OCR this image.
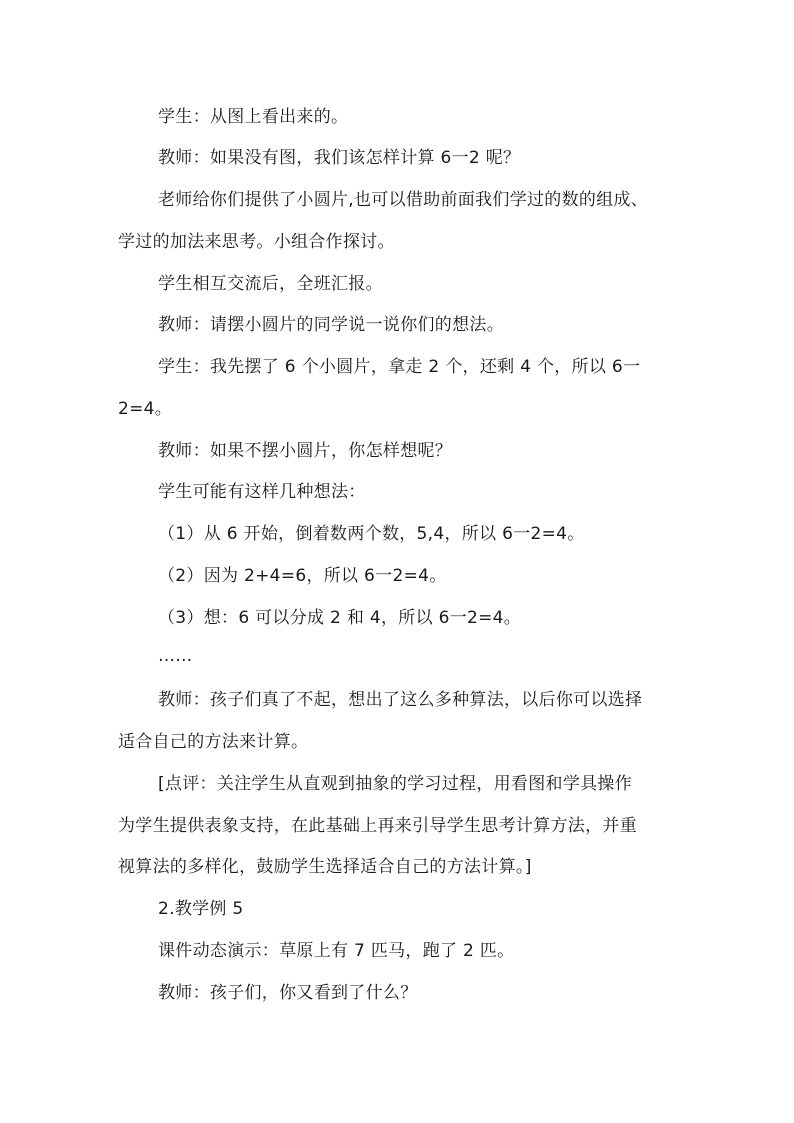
学生：从图上看出来的。
教师：如果没有图，我们该怎样计算 6一2 呢？
老师给你们提供了小圆片,也可以借助前面我们学过的数的组成、
学过的加法来思考。小组合作探讨。
学生相互交流后，全班汇报。
教师：请摆小圆片的同学说一说你们的想法。
学生：我先摆了 6 个小圆片，拿走 2 个，还剩 4 个，所以 6一
2=4。
教师：如果不摆小圆片，你怎样想呢？
学生可能有这样几种想法：
（1）从 6 开始，倒着数两个数，5,4，所以 6一2=4。
（2）因为 2+4=6，所以 6一2=4。
（3）想：6 可以分成 2 和 4，所以 6一2=4。
……
教师：孩子们真了不起，想出了这么多种算法，以后你可以选择
适合自己的方法来计算。
[点评：关注学生从直观到抽象的学习过程，用看图和学具操作
为学生提供表象支持，在此基础上再来引导学生思考计算方法，并重
视算法的多样化，鼓励学生选择适合自己的方法计算。]
2.教学例 5
课件动态演示：草原上有 7 匹马，跑了 2 匹。
教师：孩子们，你又看到了什么？
